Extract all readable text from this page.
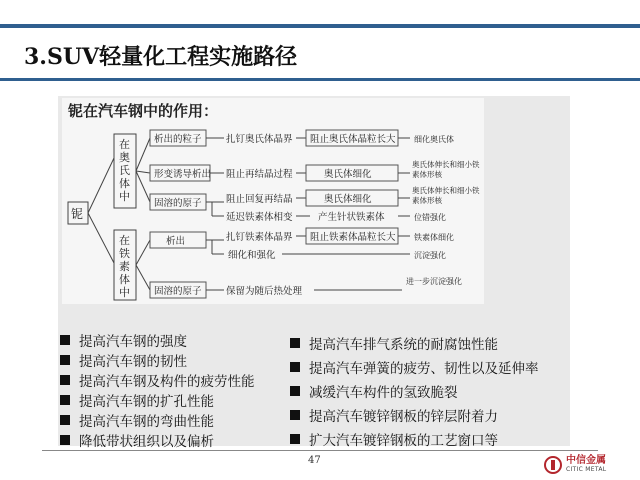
3.SUV轻量化工程实施路径
铌在汽车钢中的作用：
铌
在奥氏体中
在铁素体中
析出的粒子	扎钉奥氏体晶界 阻止奥氏体晶粒长大 细化奥氏体
形变诱导析出 阻止再结晶过程	奥氏体细化
奥氏体伸长和细小铁素体形核
固溶的原子	阻止回复再结晶	奥氏体细化
奥氏体伸长和细小铁素体形核
延迟铁素体相变	产生针状铁素体	位错强化
析出	扎钉铁素体晶界 阻止铁素体晶粒长大 铁素体细化
细化和强化	沉淀强化
固溶的原子	保留为随后热处理
进一步沉淀强化
提高汽车钢的强度
提高汽车钢的韧性
提高汽车钢及构件的疲劳性能
提高汽车钢的扩孔性能
提高汽车钢的弯曲性能
降低带状组织以及偏析
提高汽车排气系统的耐腐蚀性能
提高汽车弹簧的疲劳、韧性以及延伸率
减缓汽车构件的氢致脆裂
提高汽车镀锌钢板的锌层附着力
扩大汽车镀锌钢板的工艺窗口等
47	中信金属
CITIC METAL
